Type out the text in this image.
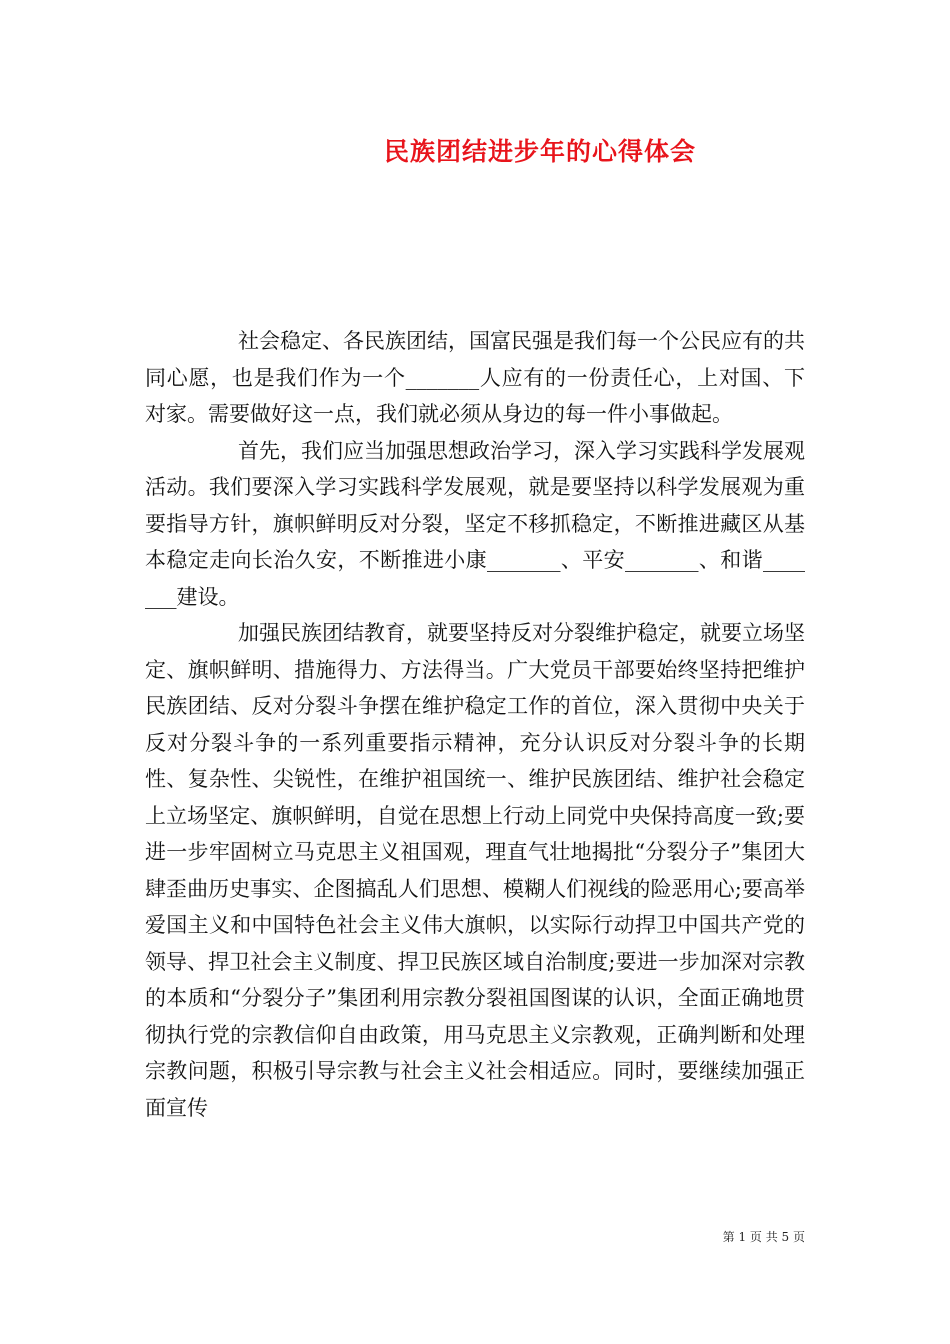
民族团结进步年的心得体会

社会稳定、各民族团结，国富民强是我们每一个公民应有的共同心愿，也是我们作为一个_______人应有的一份责任心，上对国、下对家。需要做好这一点，我们就必须从身边的每一件小事做起。

首先，我们应当加强思想政治学习，深入学习实践科学发展观活动。我们要深入学习实践科学发展观，就是要坚持以科学发展观为重要指导方针，旗帜鲜明反对分裂，坚定不移抓稳定，不断推进藏区从基本稳定走向长治久安，不断推进小康_______、平安_______、和谐_______建设。

加强民族团结教育，就要坚持反对分裂维护稳定，就要立场坚定、旗帜鲜明、措施得力、方法得当。广大党员干部要始终坚持把维护民族团结、反对分裂斗争摆在维护稳定工作的首位，深入贯彻中央关于反对分裂斗争的一系列重要指示精神，充分认识反对分裂斗争的长期性、复杂性、尖锐性，在维护祖国统一、维护民族团结、维护社会稳定上立场坚定、旗帜鲜明，自觉在思想上行动上同党中央保持高度一致;要进一步牢固树立马克思主义祖国观，理直气壮地揭批“分裂分子”集团大肆歪曲历史事实、企图搞乱人们思想、模糊人们视线的险恶用心;要高举爱国主义和中国特色社会主义伟大旗帜，以实际行动捍卫中国共产党的领导、捍卫社会主义制度、捍卫民族区域自治制度;要进一步加深对宗教的本质和“分裂分子”集团利用宗教分裂祖国图谋的认识，全面正确地贯彻执行党的宗教信仰自由政策，用马克思主义宗教观，正确判断和处理宗教问题，积极引导宗教与社会主义社会相适应。同时，要继续加强正面宣传

第 1 页 共 5 页
